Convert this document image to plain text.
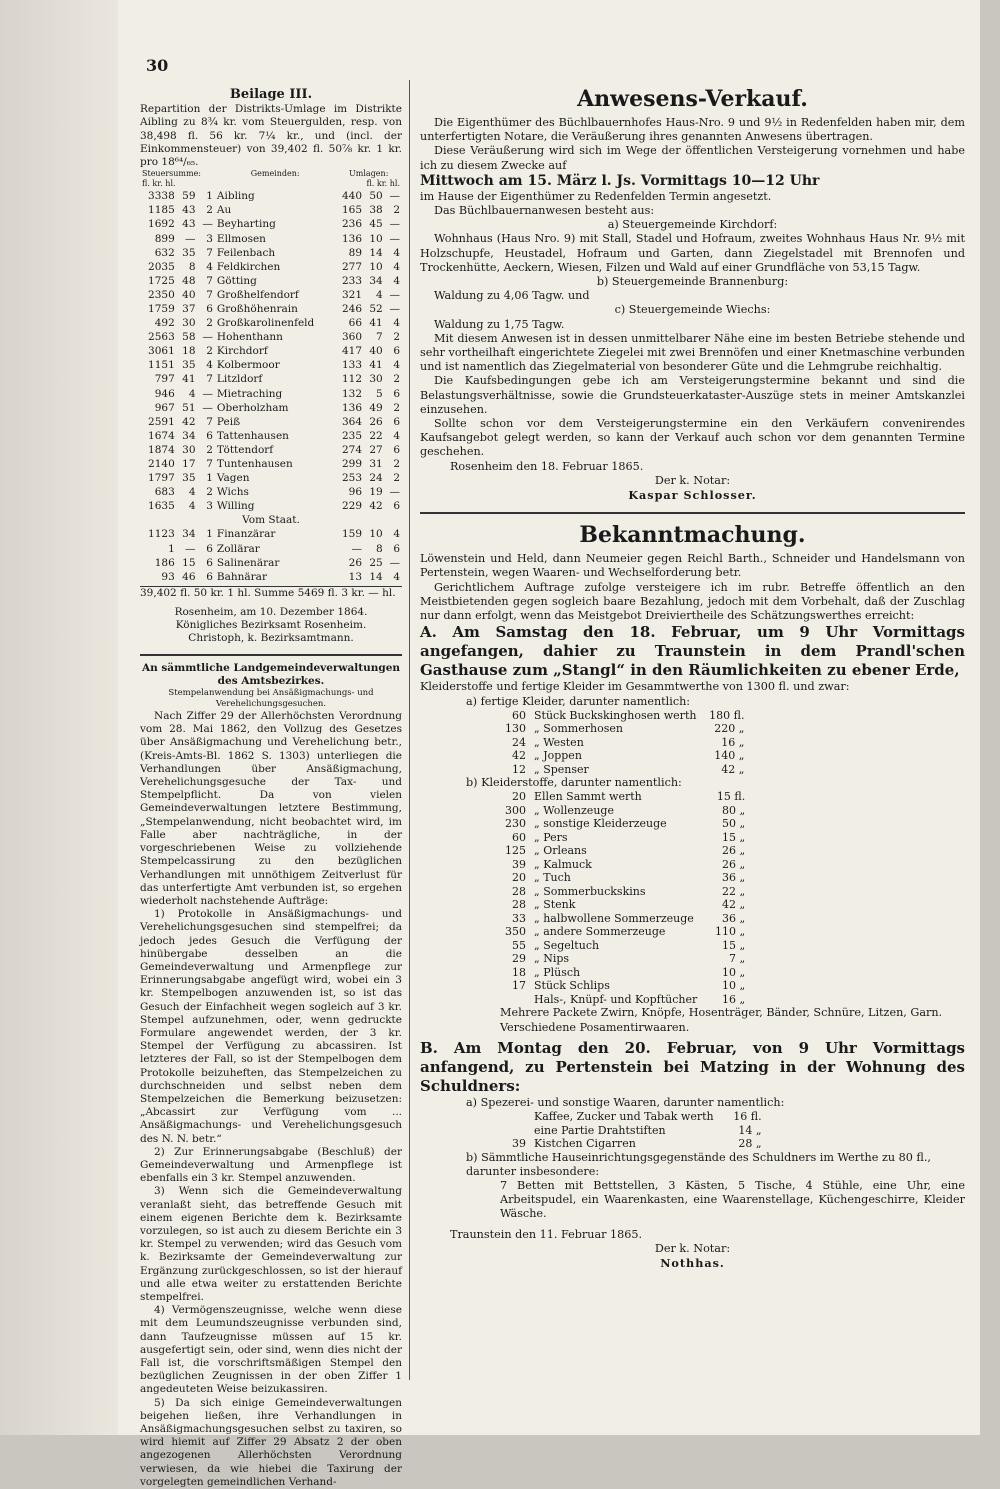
30
Beilage III.

Repartition der Distrikts-Umlage im Distrikte Aibling zu 8¾ kr. vom Steuergulden, resp. von 38,498 fl. 56 kr. 7¼ kr., und (incl. der Einkommensteuer) von 39,402 fl. 50⅞ kr. 1 kr. pro 18⁶⁴/₆₅.

Steuersumme:			Gemeinden:	Umlagen:		
fl. kr. hl.				fl. kr. hl.		
3338	59	1	Aibling	440	50	—
1185	43	2	Au	165	38	2
1692	43	—	Beyharting	236	45	—
899	—	3	Ellmosen	136	10	—
632	35	7	Feilenbach	89	14	4
2035	8	4	Feldkirchen	277	10	4
1725	48	7	Götting	233	34	4
2350	40	7	Großhelfendorf	321	4	—
1759	37	6	Großhöhenrain	246	52	—
492	30	2	Großkarolinenfeld	66	41	4
2563	58	—	Hohenthann	360	7	2
3061	18	2	Kirchdorf	417	40	6
1151	35	4	Kolbermoor	133	41	4
797	41	7	Litzldorf	112	30	2
946	4	—	Mietraching	132	5	6
967	51	—	Oberholzham	136	49	2
2591	42	7	Peiß	364	26	6
1674	34	6	Tattenhausen	235	22	4
1874	30	2	Töttendorf	274	27	6
2140	17	7	Tuntenhausen	299	31	2
1797	35	1	Vagen	253	24	2
683	4	2	Wichs	96	19	—
1635	4	3	Willing	229	42	6
Vom Staat.						
1123	34	1	Finanzärar	159	10	4
1	—	6	Zollärar	—	8	6
186	15	6	Salinenärar	26	25	—
93	46	6	Bahnärar	13	14	4
39,402 fl. 50 kr. 1 hl. Summe 5469 fl. 3 kr. — hl.
Rosenheim, am 10. Dezember 1864.
Königliches Bezirksamt Rosenheim.
Christoph, k. Bezirksamtmann.
An sämmtliche Landgemeindeverwaltungen des Amtsbezirkes.
Stempelanwendung bei Ansäßigmachungs- und Verehelichungsgesuchen.

Nach Ziffer 29 der Allerhöchsten Verordnung vom 28. Mai 1862, den Vollzug des Gesetzes über Ansäßigmachung und Verehelichung betr., (Kreis-Amts-Bl. 1862 S. 1303) unterliegen die Verhandlungen über Ansäßigmachung, Verehelichungsgesuche der Tax- und Stempelpflicht. Da von vielen Gemeindeverwaltungen letztere Bestimmung, „Stempelanwendung, nicht beobachtet wird, im Falle aber nachträgliche, in der vorgeschriebenen Weise zu vollziehende Stempelcassirung zu den bezüglichen Verhandlungen mit unnöthigem Zeitverlust für das unterfertigte Amt verbunden ist, so ergehen wiederholt nachstehende Aufträge:

1) Protokolle in Ansäßigmachungs- und Verehelichungsgesuchen sind stempelfrei; da jedoch jedes Gesuch die Verfügung der hinübergabe desselben an die Gemeindeverwaltung und Armenpflege zur Erinnerungsabgabe angefügt wird, wobei ein 3 kr. Stempelbogen anzuwenden ist, so ist das Gesuch der Einfachheit wegen sogleich auf 3 kr. Stempel aufzunehmen, oder, wenn gedruckte Formulare angewendet werden, der 3 kr. Stempel der Verfügung zu abcassiren. Ist letzteres der Fall, so ist der Stempelbogen dem Protokolle beizuheften, das Stempelzeichen zu durchschneiden und selbst neben dem Stempelzeichen die Bemerkung beizusetzen: „Abcassirt zur Verfügung vom ... Ansäßigmachungs- und Verehelichungsgesuch des N. N. betr.“

2) Zur Erinnerungsabgabe (Beschluß) der Gemeindeverwaltung und Armenpflege ist ebenfalls ein 3 kr. Stempel anzuwenden.

3) Wenn sich die Gemeindeverwaltung veranlaßt sieht, das betreffende Gesuch mit einem eigenen Berichte dem k. Bezirksamte vorzulegen, so ist auch zu diesem Berichte ein 3 kr. Stempel zu verwenden; wird das Gesuch vom k. Bezirksamte der Gemeindeverwaltung zur Ergänzung zurückgeschlossen, so ist der hierauf und alle etwa weiter zu erstattenden Berichte stempelfrei.

4) Vermögenszeugnisse, welche wenn diese mit dem Leumundszeugnisse verbunden sind, dann Taufzeugnisse müssen auf 15 kr. ausgefertigt sein, oder sind, wenn dies nicht der Fall ist, die vorschriftsmäßigen Stempel den bezüglichen Zeugnissen in der oben Ziffer 1 angedeuteten Weise beizukassiren.

5) Da sich einige Gemeindeverwaltungen beigehen ließen, ihre Verhandlungen in Ansäßigmachungsgesuchen selbst zu taxiren, so wird hiemit auf Ziffer 29 Absatz 2 der oben angezogenen Allerhöchsten Verordnung verwiesen, da wie hiebei die Taxirung der vorgelegten gemeindlichen Verhand-

Anwesens-Verkauf.

Die Eigenthümer des Büchlbauernhofes Haus-Nro. 9 und 9½ in Redenfelden haben mir, dem unterfertigten Notare, die Veräußerung ihres genannten Anwesens übertragen.

Diese Veräußerung wird sich im Wege der öffentlichen Versteigerung vornehmen und habe ich zu diesem Zwecke auf

Mittwoch am 15. März l. Js. Vormittags 10—12 Uhr

im Hause der Eigenthümer zu Redenfelden Termin angesetzt.

Das Büchlbauernanwesen besteht aus:

a) Steuergemeinde Kirchdorf:

Wohnhaus (Haus Nro. 9) mit Stall, Stadel und Hofraum, zweites Wohnhaus Haus Nr. 9½ mit Holzschupfe, Heustadel, Hofraum und Garten, dann Ziegelstadel mit Brennofen und Trockenhütte, Aeckern, Wiesen, Filzen und Wald auf einer Grundfläche von 53,15 Tagw.

b) Steuergemeinde Brannenburg:

Waldung zu 4,06 Tagw. und

c) Steuergemeinde Wiechs:

Waldung zu 1,75 Tagw.

Mit diesem Anwesen ist in dessen unmittelbarer Nähe eine im besten Betriebe stehende und sehr vortheilhaft eingerichtete Ziegelei mit zwei Brennöfen und einer Knetmaschine verbunden und ist namentlich das Ziegelmaterial von besonderer Güte und die Lehmgrube reichhaltig.

Die Kaufsbedingungen gebe ich am Versteigerungstermine bekannt und sind die Belastungsverhältnisse, sowie die Grundsteuerkataster-Auszüge stets in meiner Amtskanzlei einzusehen.

Sollte schon vor dem Versteigerungstermine ein den Verkäufern convenirendes Kaufsangebot gelegt werden, so kann der Verkauf auch schon vor dem genannten Termine geschehen.

Rosenheim den 18. Februar 1865.
Der k. Notar:
Kaspar Schlosser.
Bekanntmachung.

Löwenstein und Held, dann Neumeier gegen Reichl Barth., Schneider und Handelsmann von Pertenstein, wegen Waaren- und Wechselforderung betr.

Gerichtlichem Auftrage zufolge versteigere ich im rubr. Betreffe öffentlich an den Meistbietenden gegen sogleich baare Bezahlung, jedoch mit dem Vorbehalt, daß der Zuschlag nur dann erfolgt, wenn das Meistgebot Dreiviertheile des Schätzungswerthes erreicht:

A. Am Samstag den 18. Februar, um 9 Uhr Vormittags angefangen, dahier zu Traunstein in dem Prandl'schen Gasthause zum „Stangl“ in den Räumlichkeiten zu ebener Erde,

Kleiderstoffe und fertige Kleider im Gesammtwerthe von 1300 fl. und zwar:

a) fertige Kleider, darunter namentlich:
60	Stück Buckskinghosen werth	180 fl.
130	„ Sommerhosen	220 „
24	„ Westen	16 „
42	„ Joppen	140 „
12	„ Spenser	42 „
b) Kleiderstoffe, darunter namentlich:
20	Ellen Sammt werth	15 fl.
300	„ Wollenzeuge	80 „
230	„ sonstige Kleiderzeuge	50 „
60	„ Pers	15 „
125	„ Orleans	26 „
39	„ Kalmuck	26 „
20	„ Tuch	36 „
28	„ Sommerbuckskins	22 „
28	„ Stenk	42 „
33	„ halbwollene Sommerzeuge	36 „
350	„ andere Sommerzeuge	110 „
55	„ Segeltuch	15 „
29	„ Nips	7 „
18	„ Plüsch	10 „
17	Stück Schlips	10 „
	Hals-, Knüpf- und Kopftücher	16 „
Mehrere Packete Zwirn, Knöpfe, Hosenträger, Bänder, Schnüre, Litzen, Garn. Verschiedene Posamentirwaaren.
B. Am Montag den 20. Februar, von 9 Uhr Vormittags anfangend, zu Pertenstein bei Matzing in der Wohnung des Schuldners:
a) Spezerei- und sonstige Waaren, darunter namentlich:
	Kaffee, Zucker und Tabak werth	16 fl.
	eine Partie Drahtstiften	14 „
39	Kistchen Cigarren	28 „
b) Sämmtliche Hauseinrichtungsgegenstände des Schuldners im Werthe zu 80 fl., darunter insbesondere:
7 Betten mit Bettstellen, 3 Kästen, 5 Tische, 4 Stühle, eine Uhr, eine Arbeitspudel, ein Waarenkasten, eine Waarenstellage, Küchengeschirre, Kleider Wäsche.
Traunstein den 11. Februar 1865.
Der k. Notar:
Nothhas.
